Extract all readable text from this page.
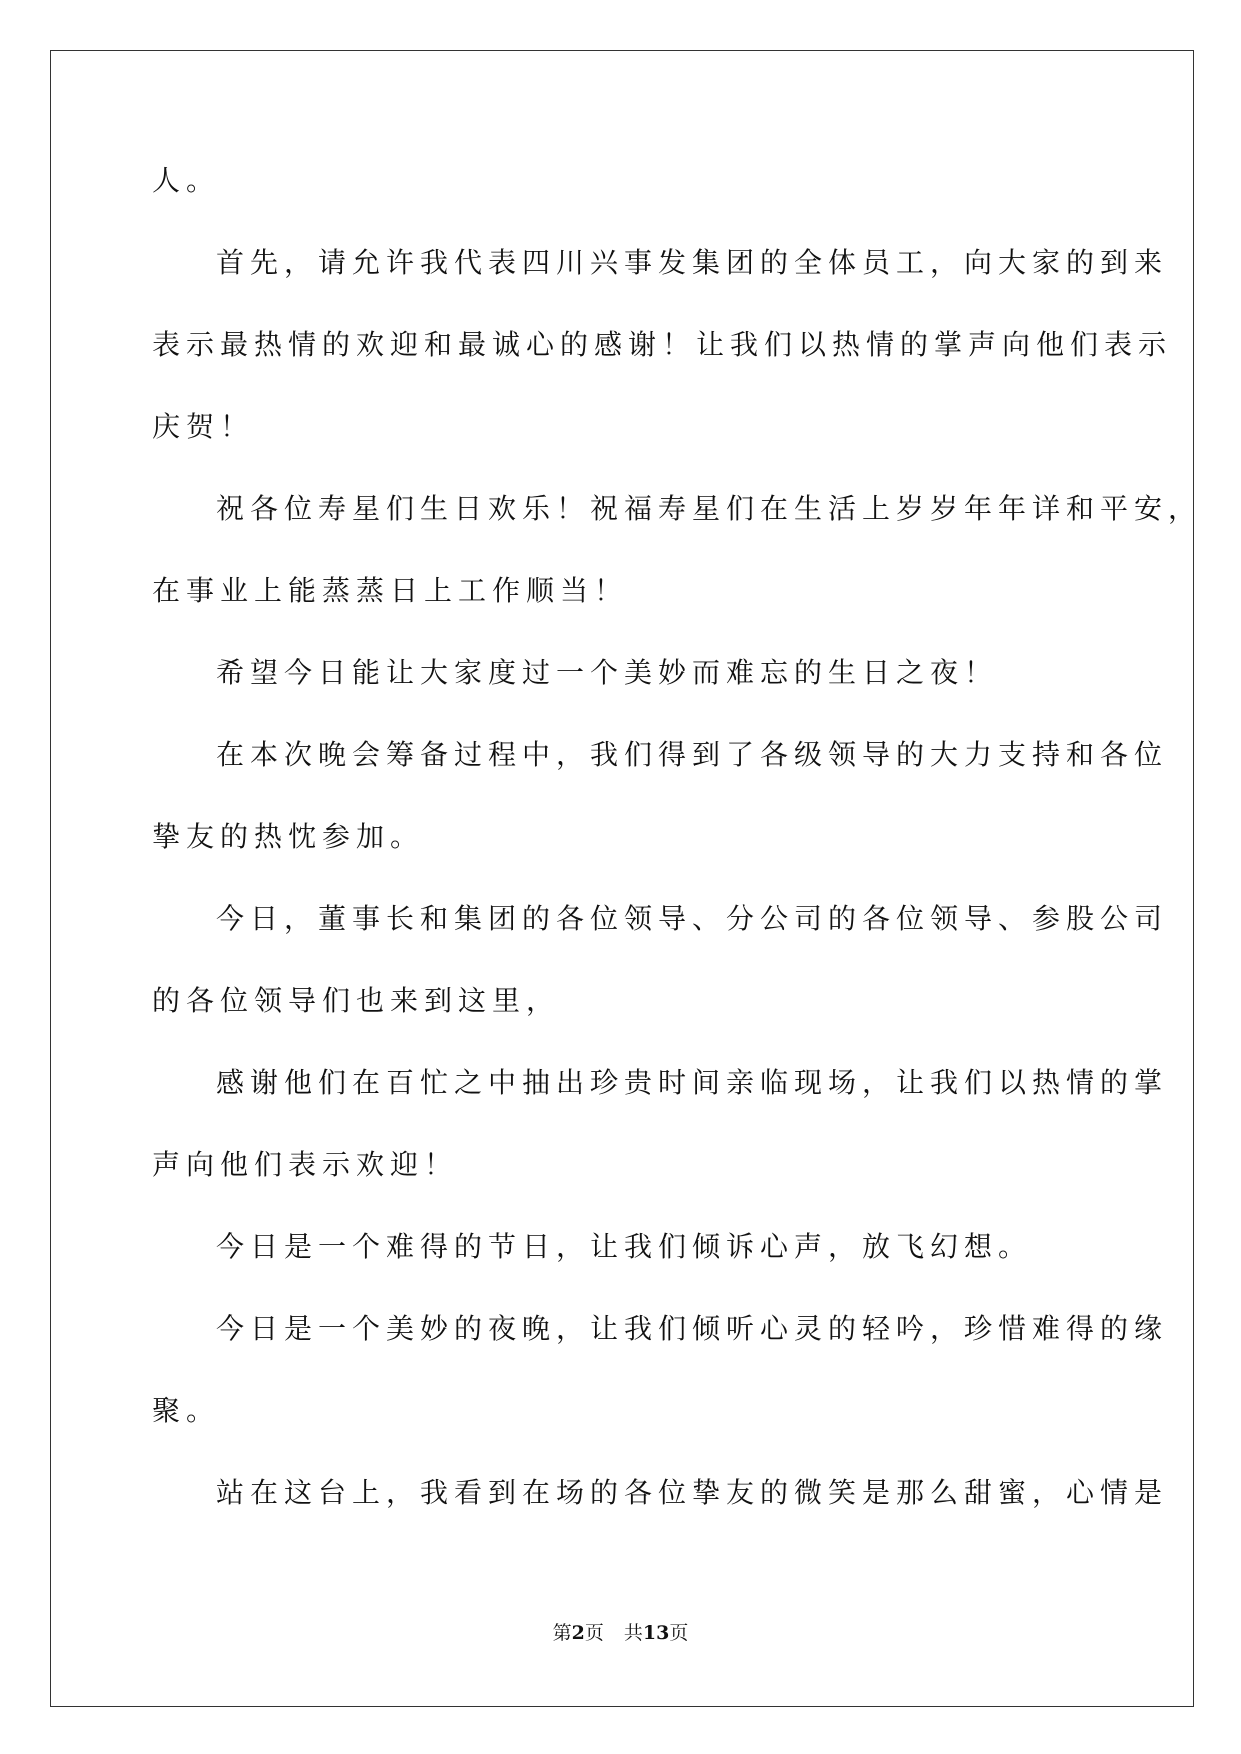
人。
首先，请允许我代表四川兴事发集团的全体员工，向大家的到来
表示最热情的欢迎和最诚心的感谢！让我们以热情的掌声向他们表示
庆贺！
祝各位寿星们生日欢乐！祝福寿星们在生活上岁岁年年详和平安，
在事业上能蒸蒸日上工作顺当！
希望今日能让大家度过一个美妙而难忘的生日之夜！
在本次晚会筹备过程中，我们得到了各级领导的大力支持和各位
挚友的热忱参加。
今日，董事长和集团的各位领导、分公司的各位领导、参股公司
的各位领导们也来到这里，
感谢他们在百忙之中抽出珍贵时间亲临现场，让我们以热情的掌
声向他们表示欢迎！
今日是一个难得的节日，让我们倾诉心声，放飞幻想。
今日是一个美妙的夜晚，让我们倾听心灵的轻吟，珍惜难得的缘
聚。
站在这台上，我看到在场的各位挚友的微笑是那么甜蜜，心情是
第2页 共13页
